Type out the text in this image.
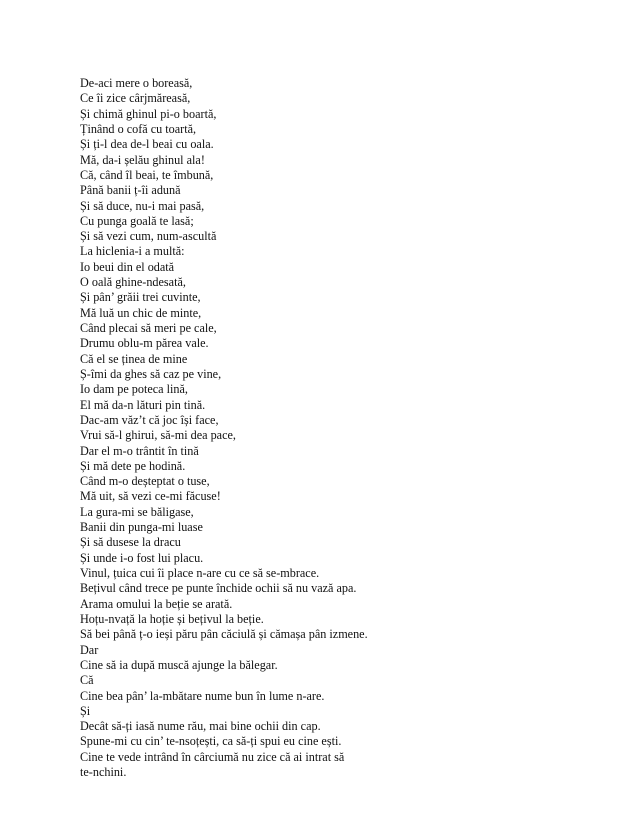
De-aci mere o boreasă,
Ce îi zice cârjmăreasă,
Și chimă ghinul pi-o boartă,
Ținând o cofă cu toartă,
Și ți-l dea de-l beai cu oala.
Mă, da-i șelău ghinul ala!
Că, când îl beai, te îmbună,
Până banii ț-îi adună
Și să duce, nu-i mai pasă,
Cu punga goală te lasă;
Și să vezi cum, num-ascultă
La hiclenia-i a multă:
Io beui din el odată
O oală ghine-ndesată,
Și pân’ grăii trei cuvinte,
Mă luă un chic de minte,
Când plecai să meri pe cale,
Drumu oblu-m părea vale.
Că el se ținea de mine
Ș-îmi da ghes să caz pe vine,
Io dam pe poteca lină,
El mă da-n lături pin tină.
Dac-am văz’t că joc își face,
Vrui să-l ghirui, să-mi dea pace,
Dar el m-o trântit în tină
Și mă dete pe hodină.
Când m-o deșteptat o tuse,
Mă uit, să vezi ce-mi făcuse!
La gura-mi se băligase,
Banii din punga-mi luase
Și să dusese la dracu
Și unde i-o fost lui placu.
Vinul, țuica cui îi place n-are cu ce să se-mbrace.
Bețivul când trece pe punte închide ochii să nu vază apa.
Arama omului la beție se arată.
Hoțu-nvață la hoție și bețivul la beție.
Să bei până ț-o ieși păru pân căciulă și cămașa pân izmene.
Dar
Cine să ia după muscă ajunge la bălegar.
Că
Cine bea pân’ la-mbătare nume bun în lume n-are.
Și
Decât să-ți iasă nume rău, mai bine ochii din cap.
Spune-mi cu cin’ te-nsoțești, ca să-ți spui eu cine ești.
Cine te vede intrând în cârciumă nu zice că ai intrat să
te-nchini.
